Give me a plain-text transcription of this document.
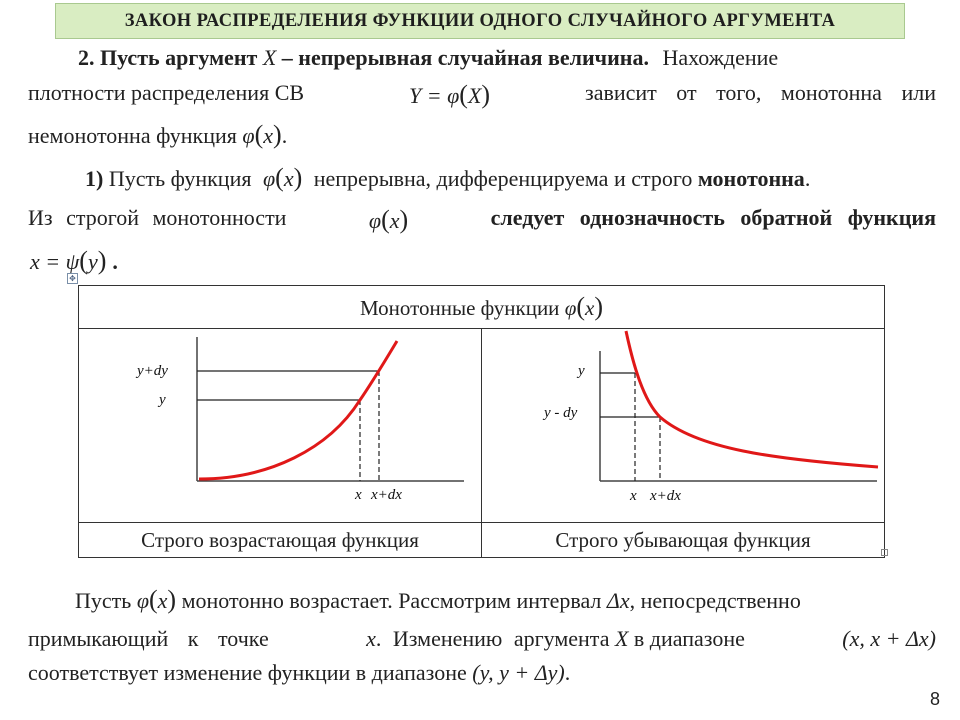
ЗАКОН РАСПРЕДЕЛЕНИЯ ФУНКЦИИ ОДНОГО СЛУЧАЙНОГО АРГУМЕНТА
2. Пусть аргумент X – непрерывная случайная величина. Нахождение
плотности распределения СВ	Y = φ(X)	зависит от того, монотонна или
немонотонна функция φ(x).
1) Пусть функция φ(x) непрерывна, дифференцируема и строго монотонна.
Из строгой монотонности	φ(x)	следует однозначность обратной функция
x = ψ(y) .
✥
Монотонные функции φ(x)	

y+dy
y
x x+dx	y
y - dy
x x+dx

Строго возрастающая функция	Строго убывающая функция
Пусть φ(x) монотонно возрастает. Рассмотрим интервал Δx, непосредственно
примыкающий к точке	x. Изменению аргумента X в диапазоне	(x, x + Δx)
соответствует изменение функции в диапазоне (y, y + Δy).
8
